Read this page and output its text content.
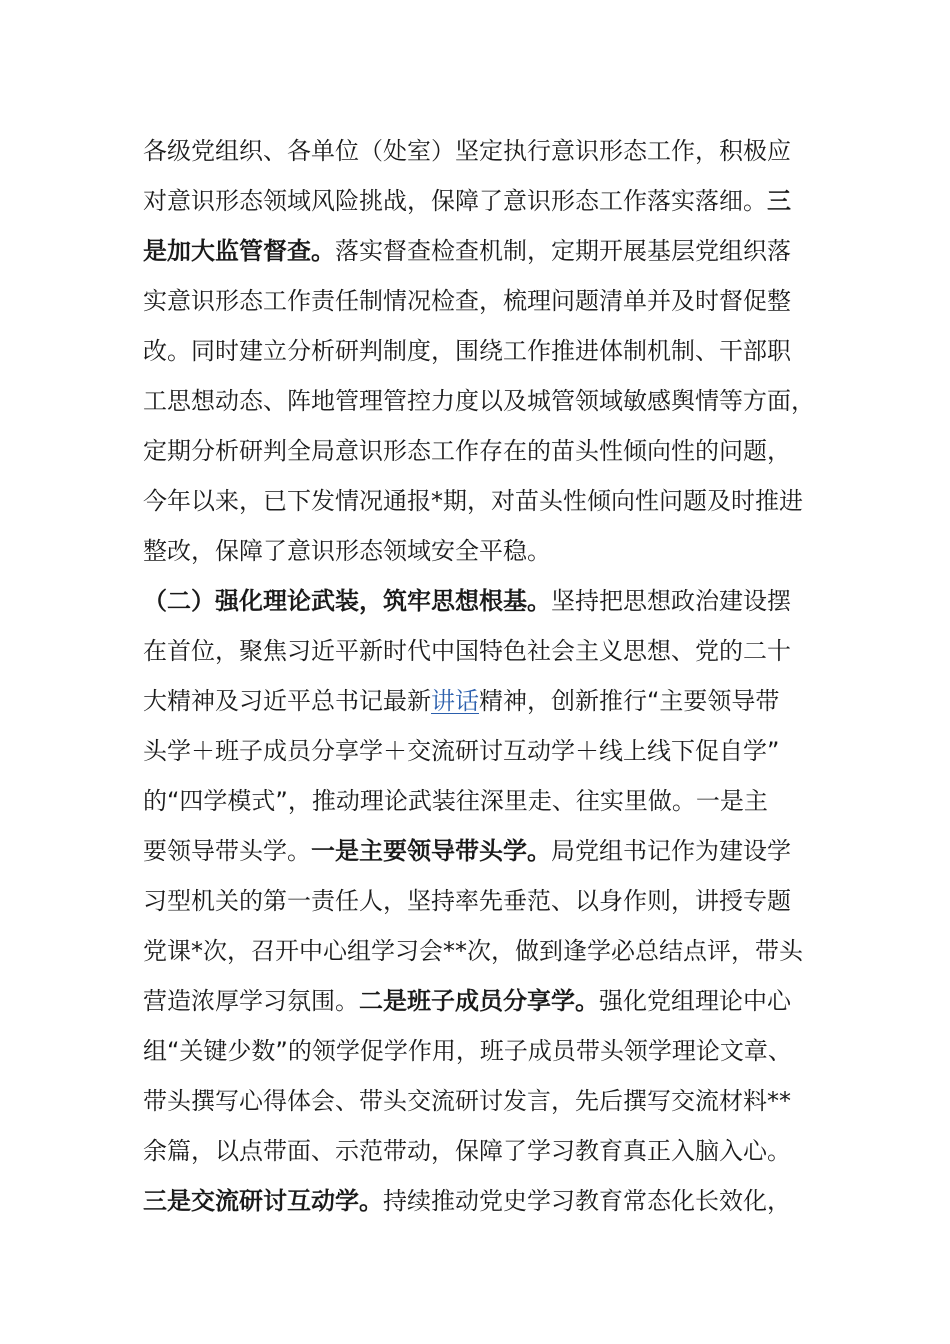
各级党组织、各单位（处室）坚定执行意识形态工作，积极应
对意识形态领域风险挑战，保障了意识形态工作落实落细。三
是加大监管督查。落实督查检查机制，定期开展基层党组织落
实意识形态工作责任制情况检查，梳理问题清单并及时督促整
改。同时建立分析研判制度，围绕工作推进体制机制、干部职
工思想动态、阵地管理管控力度以及城管领域敏感舆情等方面，
定期分析研判全局意识形态工作存在的苗头性倾向性的问题，
今年以来，已下发情况通报*期，对苗头性倾向性问题及时推进
整改，保障了意识形态领域安全平稳。
（二）强化理论武装，筑牢思想根基。坚持把思想政治建设摆
在首位，聚焦习近平新时代中国特色社会主义思想、党的二十
大精神及习近平总书记最新讲话精神，创新推行“主要领导带
头学＋班子成员分享学＋交流研讨互动学＋线上线下促自学”
的“四学模式”，推动理论武装往深里走、往实里做。一是主
要领导带头学。一是主要领导带头学。局党组书记作为建设学
习型机关的第一责任人，坚持率先垂范、以身作则，讲授专题
党课*次，召开中心组学习会**次，做到逢学必总结点评，带头
营造浓厚学习氛围。二是班子成员分享学。强化党组理论中心
组“关键少数”的领学促学作用，班子成员带头领学理论文章、
带头撰写心得体会、带头交流研讨发言，先后撰写交流材料**
余篇，以点带面、示范带动，保障了学习教育真正入脑入心。
三是交流研讨互动学。持续推动党史学习教育常态化长效化，
